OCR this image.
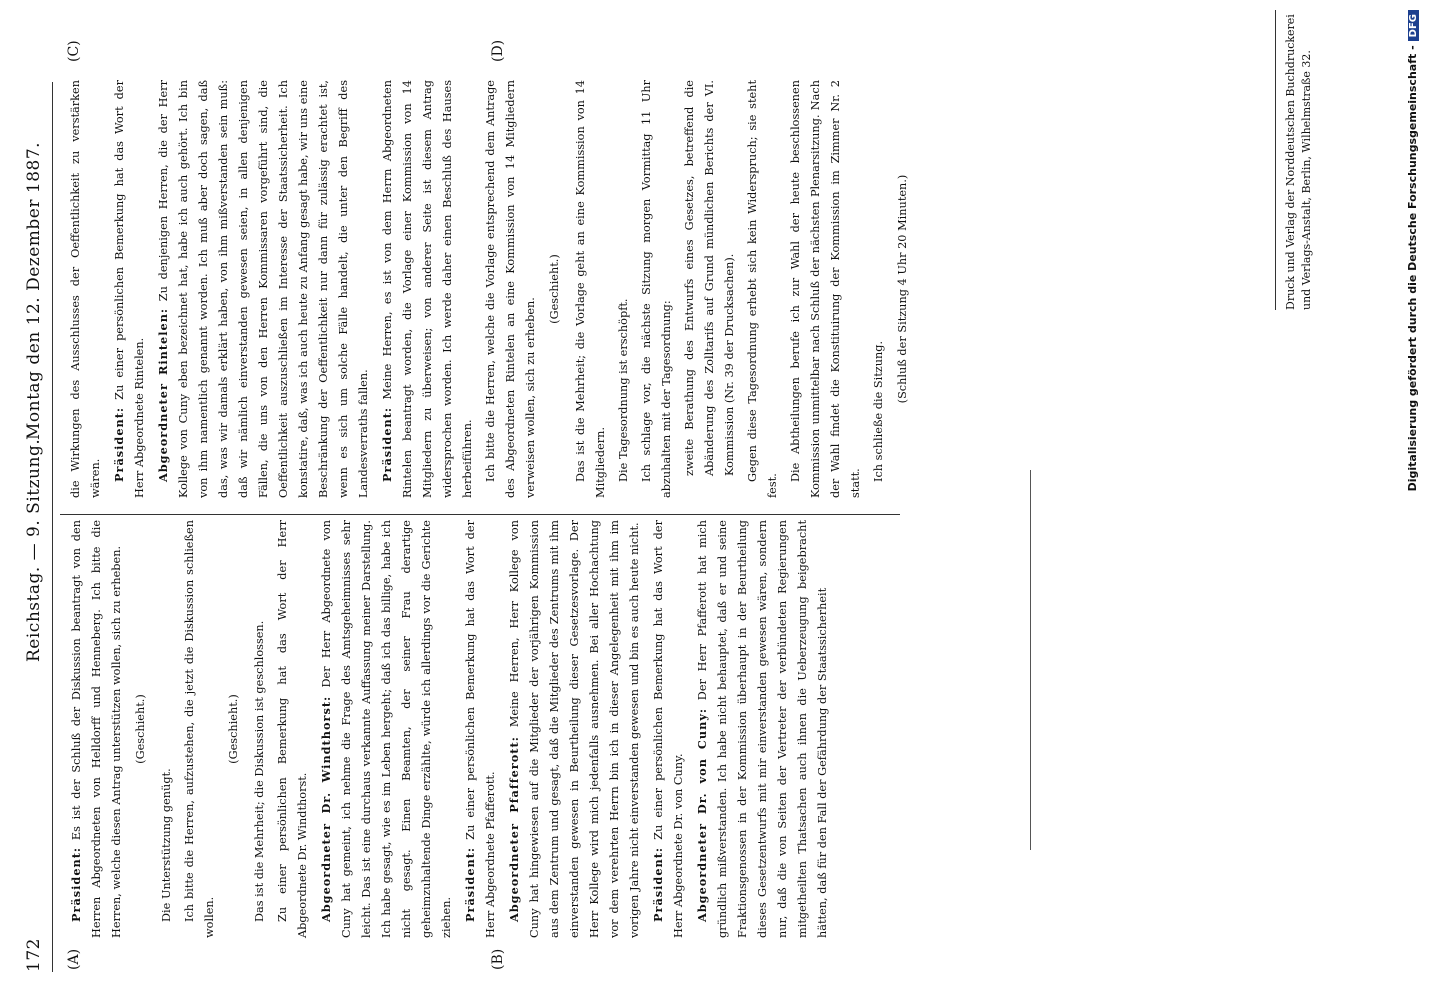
172
Reichstag. — 9. Sitzung.
Montag den 12. Dezember 1887.
(A)	(B)
(C)	(D)

Präsident: Es ist der Schluß der Diskussion beantragt von den Herren Abgeordneten von Helldorff und Henneberg. Ich bitte die Herren, welche diesen Antrag unterstützen wollen, sich zu erheben. (Geschieht.)

Die Unterstützung genügt. Ich bitte die Herren, aufzustehen, die jetzt die Diskussion schließen wollen.

(Geschieht.)	Das ist die Mehrheit; die Diskussion ist geschlossen. Zu einer persönlichen Bemerkung hat das Wort der Herr Abgeordnete Dr. Windthorst. Abgeordneter Dr. Windthorst: Der Herr Abgeordnete von Cuny hat gemeint, ich nehme die Frage des Amtsgeheimnisses sehr leicht. Das ist eine durchaus verkannte Auffassung meiner Darstellung. Ich habe gesagt, wie es im Leben hergeht; daß ich das billige, habe ich nicht gesagt. Einen Beamten, der seiner Frau derartige geheimzuhaltende Dinge erzählte, würde ich allerdings vor die Gerichte ziehen. Präsident: Zu einer persönlichen Bemerkung hat das Wort der Herr Abgeordnete Pfafferott. Abgeordneter Pfafferott: Meine Herren, Herr Kollege von Cuny hat hingewiesen auf die Mitglieder der vorjährigen Kommission aus dem Zentrum und gesagt, daß die Mitglieder des Zentrums mit ihm einverstanden gewesen in Beurtheilung dieser Gesetzesvorlage. Der Herr Kollege wird mich jedenfalls ausnehmen. Bei aller Hochachtung vor dem verehrten Herrn bin ich in dieser Angelegenheit mit ihm im vorigen Jahre nicht einverstanden gewesen und bin es auch heute nicht. Präsident: Zu einer persönlichen Bemerkung hat das Wort der Herr Abgeordnete Dr. von Cuny. Abgeordneter Dr. von Cuny: Der Herr Pfafferott hat mich gründlich mißverstanden. Ich habe nicht behauptet, daß er und seine Fraktionsgenossen in der Kommission überhaupt in der Beurtheilung dieses Gesetzentwurfs mit mir einverstanden gewesen wären, sondern nur, daß die von Seiten der Vertreter der verbündeten Regierungen mitgetheilten Thatsachen auch ihnen die Ueberzeugung beigebracht hätten, daß für den Fall der Gefährdung der Staatssicherheit

die Wirkungen des Ausschlusses der Oeffentlichkeit zu verstärken wären. Präsident: Zu einer persönlichen Bemerkung hat das Wort der Herr Abgeordnete Rintelen. Abgeordneter Rintelen: Zu denjenigen Herren, die der Herr Kollege von Cuny eben bezeichnet hat, habe ich auch gehört. Ich bin von ihm namentlich genannt worden. Ich muß aber doch sagen, daß das, was wir damals erklärt haben, von ihm mißverstanden sein muß: daß wir nämlich einverstanden gewesen seien, in allen denjenigen Fällen, die uns von den Herren Kommissaren vorgeführt sind, die Oeffentlichkeit auszuschließen im Interesse der Staatssicherheit. Ich konstatire, daß, was ich auch heute zu Anfang gesagt habe, wir uns eine Beschränkung der Oeffentlichkeit nur dann für zulässig erachtet ist, wenn es sich um solche Fälle handelt, die unter den Begriff des Landesverraths fallen. Präsident: Meine Herren, es ist von dem Herrn Abgeordneten Rintelen beantragt worden, die Vorlage einer Kommission von 14 Mitgliedern zu überweisen; von anderer Seite ist diesem Antrag widersprochen worden. Ich werde daher einen Beschluß des Hauses herbeiführen. Ich bitte die Herren, welche die Vorlage entsprechend dem Antrage des Abgeordneten Rintelen an eine Kommission von 14 Mitgliedern verweisen wollen, sich zu erheben.

(Geschieht.)	Das ist die Mehrheit; die Vorlage geht an eine Kommission von 14 Mitgliedern. Die Tagesordnung ist erschöpft. Ich schlage vor, die nächste Sitzung morgen Vormittag 11 Uhr abzuhalten mit der Tagesordnung: zweite Berathung des Entwurfs eines Gesetzes, betreffend die Abänderung des Zolltarifs auf Grund mündlichen Berichts der VI. Kommission (Nr. 39 der Drucksachen). Gegen diese Tagesordnung erhebt sich kein Widerspruch; sie steht fest.

Die Abtheilungen berufe ich zur Wahl der heute beschlossenen Kommission unmittelbar nach Schluß der nächsten Plenarsitzung. Nach der Wahl findet die Konstituirung der Kommission im Zimmer Nr. 2 statt.

Ich schließe die Sitzung.

(Schluß der Sitzung 4 Uhr 20 Minuten.)	Druck und Verlag der Norddeutschen Buchdruckerei und Verlags-Anstalt, Berlin, Wilhelmstraße 32.	Digitalisierung gefördert durch die Deutsche Forschungsgemeinschaft -DFG
